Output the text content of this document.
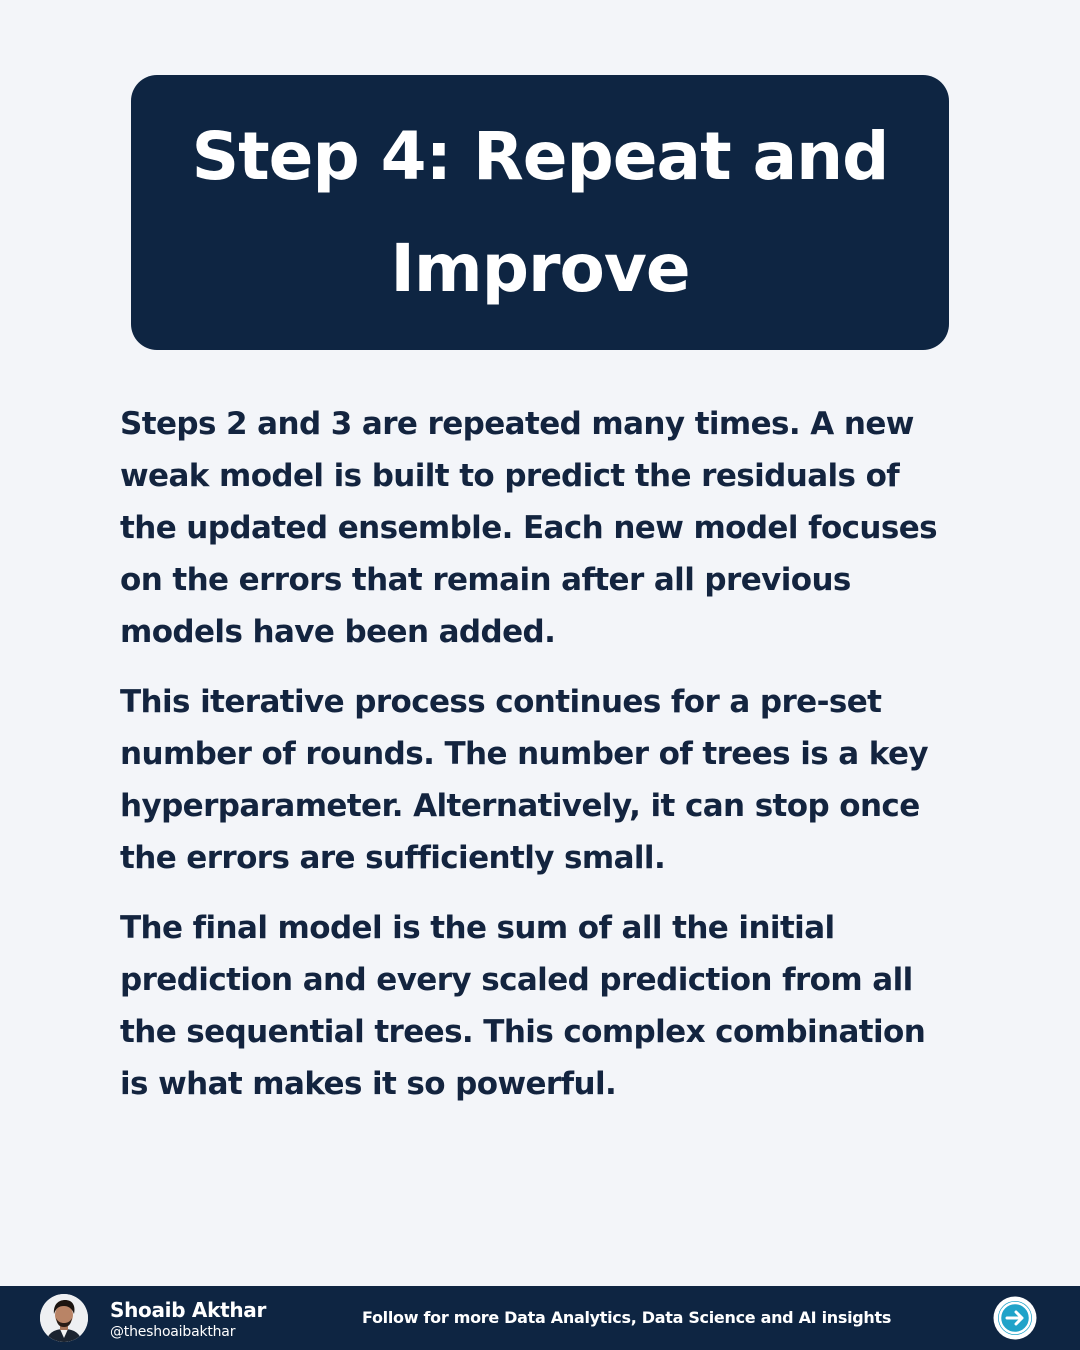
Step 4: Repeat and Improve

Steps 2 and 3 are repeated many times. A new weak model is built to predict the residuals of the updated ensemble. Each new model focuses on the errors that remain after all previous models have been added.

This iterative process continues for a pre-set number of rounds. The number of trees is a key hyperparameter. Alternatively, it can stop once the errors are sufficiently small.

The final model is the sum of all the initial prediction and every scaled prediction from all the sequential trees. This complex combination is what makes it so powerful.

Shoaib Akthar
@theshoaibakthar
Follow for more Data Analytics, Data Science and AI insights
